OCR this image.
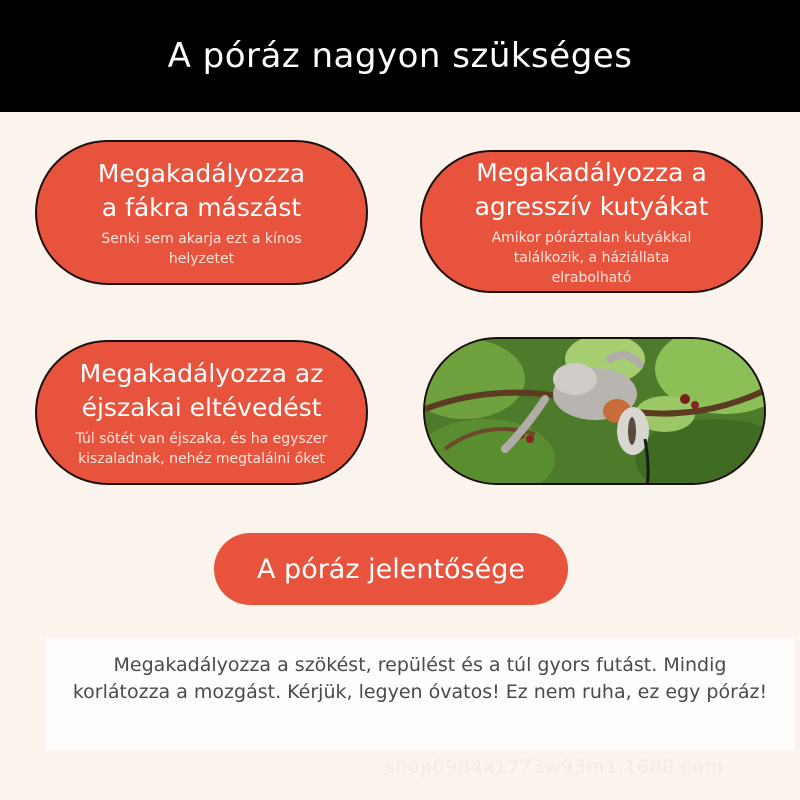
A póráz nagyon szükséges
Megakadályozza
a fákra mászást
Senki sem akarja ezt a kínos
helyzetet
Megakadályozza a
agresszív kutyákat
Amikor póráztalan kutyákkal
találkozik, a háziállata
elrabolható
Megakadályozza az
éjszakai eltévedést
Túl sötét van éjszaka, és ha egyszer
kiszaladnak, nehéz megtalálni őket
A póráz jelentősége
Megakadályozza a szökést, repülést és a túl gyors futást. Mindig korlátozza a mozgást. Kérjük, legyen óvatos! Ez nem ruha, ez egy póráz!
shop0984x1773w93m1.1688.com
